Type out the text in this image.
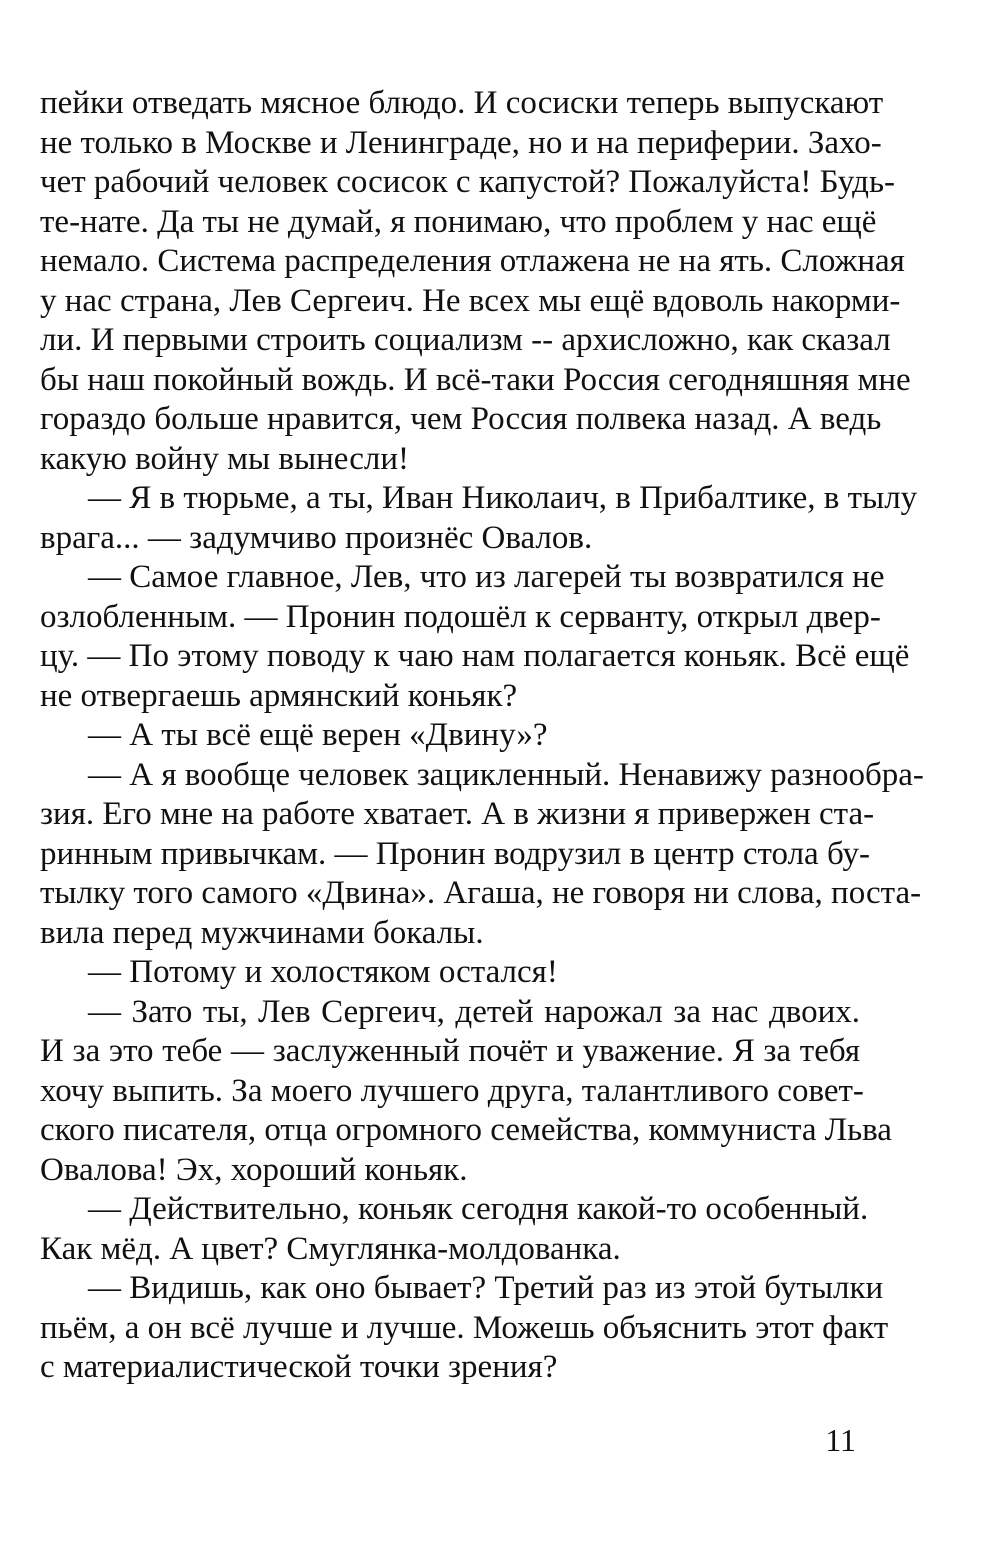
пейки отведать мясное блюдо. И сосиски теперь выпускают
не только в Москве и Ленинграде, но и на периферии. Захо-
чет рабочий человек сосисок с капустой? Пожалуйста! Будь-
те-нате. Да ты не думай, я понимаю, что проблем у нас ещё
немало. Система распределения отлажена не на ять. Сложная
у нас страна, Лев Сергеич. Не всех мы ещё вдоволь накорми-
ли. И первыми строить социализм -- архисложно, как сказал
бы наш покойный вождь. И всё-таки Россия сегодняшняя мне
гораздо больше нравится, чем Россия полвека назад. А ведь
какую войну мы вынесли!
— Я в тюрьме, а ты, Иван Николаич, в Прибалтике, в тылу
врага... — задумчиво произнёс Овалов.
— Самое главное, Лев, что из лагерей ты возвратился не
озлобленным. — Пронин подошёл к серванту, открыл двер-
цу. — По этому поводу к чаю нам полагается коньяк. Всё ещё
не отвергаешь армянский коньяк?
— А ты всё ещё верен «Двину»?
— А я вообще человек зацикленный. Ненавижу разнообра-
зия. Его мне на работе хватает. А в жизни я привержен ста-
ринным привычкам. — Пронин водрузил в центр стола бу-
тылку того самого «Двина». Агаша, не говоря ни слова, поста-
вила перед мужчинами бокалы.
— Потому и холостяком остался!
— Зато ты, Лев Сергеич, детей нарожал за нас двоих.
И за это тебе — заслуженный почёт и уважение. Я за тебя
хочу выпить. За моего лучшего друга, талантливого совет-
ского писателя, отца огромного семейства, коммуниста Льва
Овалова! Эх, хороший коньяк.
— Действительно, коньяк сегодня какой-то особенный.
Как мёд. А цвет? Смуглянка-молдованка.
— Видишь, как оно бывает? Третий раз из этой бутылки
пьём, а он всё лучше и лучше. Можешь объяснить этот факт
с материалистической точки зрения?
11
